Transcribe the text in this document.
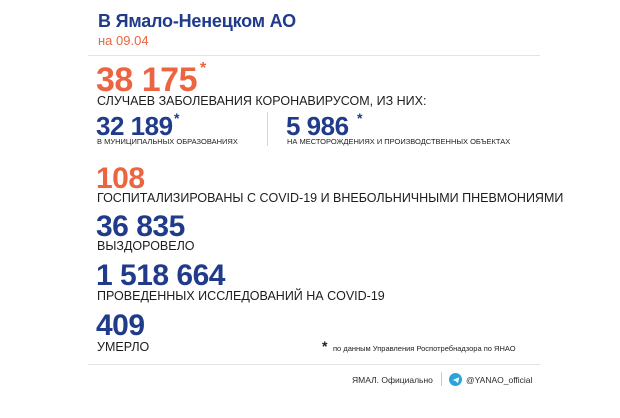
В Ямало-Ненецком АО
на 09.04
38 175 *
СЛУЧАЕВ ЗАБОЛЕВАНИЯ КОРОНАВИРУСОМ, ИЗ НИХ:
32 189 *
В МУНИЦИПАЛЬНЫХ ОБРАЗОВАНИЯХ
5 986 *
НА МЕСТОРОЖДЕНИЯХ И ПРОИЗВОДСТВЕННЫХ ОБЪЕКТАХ
108
ГОСПИТАЛИЗИРОВАНЫ С COVID-19 И ВНЕБОЛЬНИЧНЫМИ ПНЕВМОНИЯМИ
36 835
ВЫЗДОРОВЕЛО
1 518 664
ПРОВЕДЕННЫХ ИССЛЕДОВАНИЙ НА COVID-19
409
УМЕРЛО	* по данным Управления Роспотребнадзора по ЯНАО
ЯМАЛ. Официально	@YANAO_official
